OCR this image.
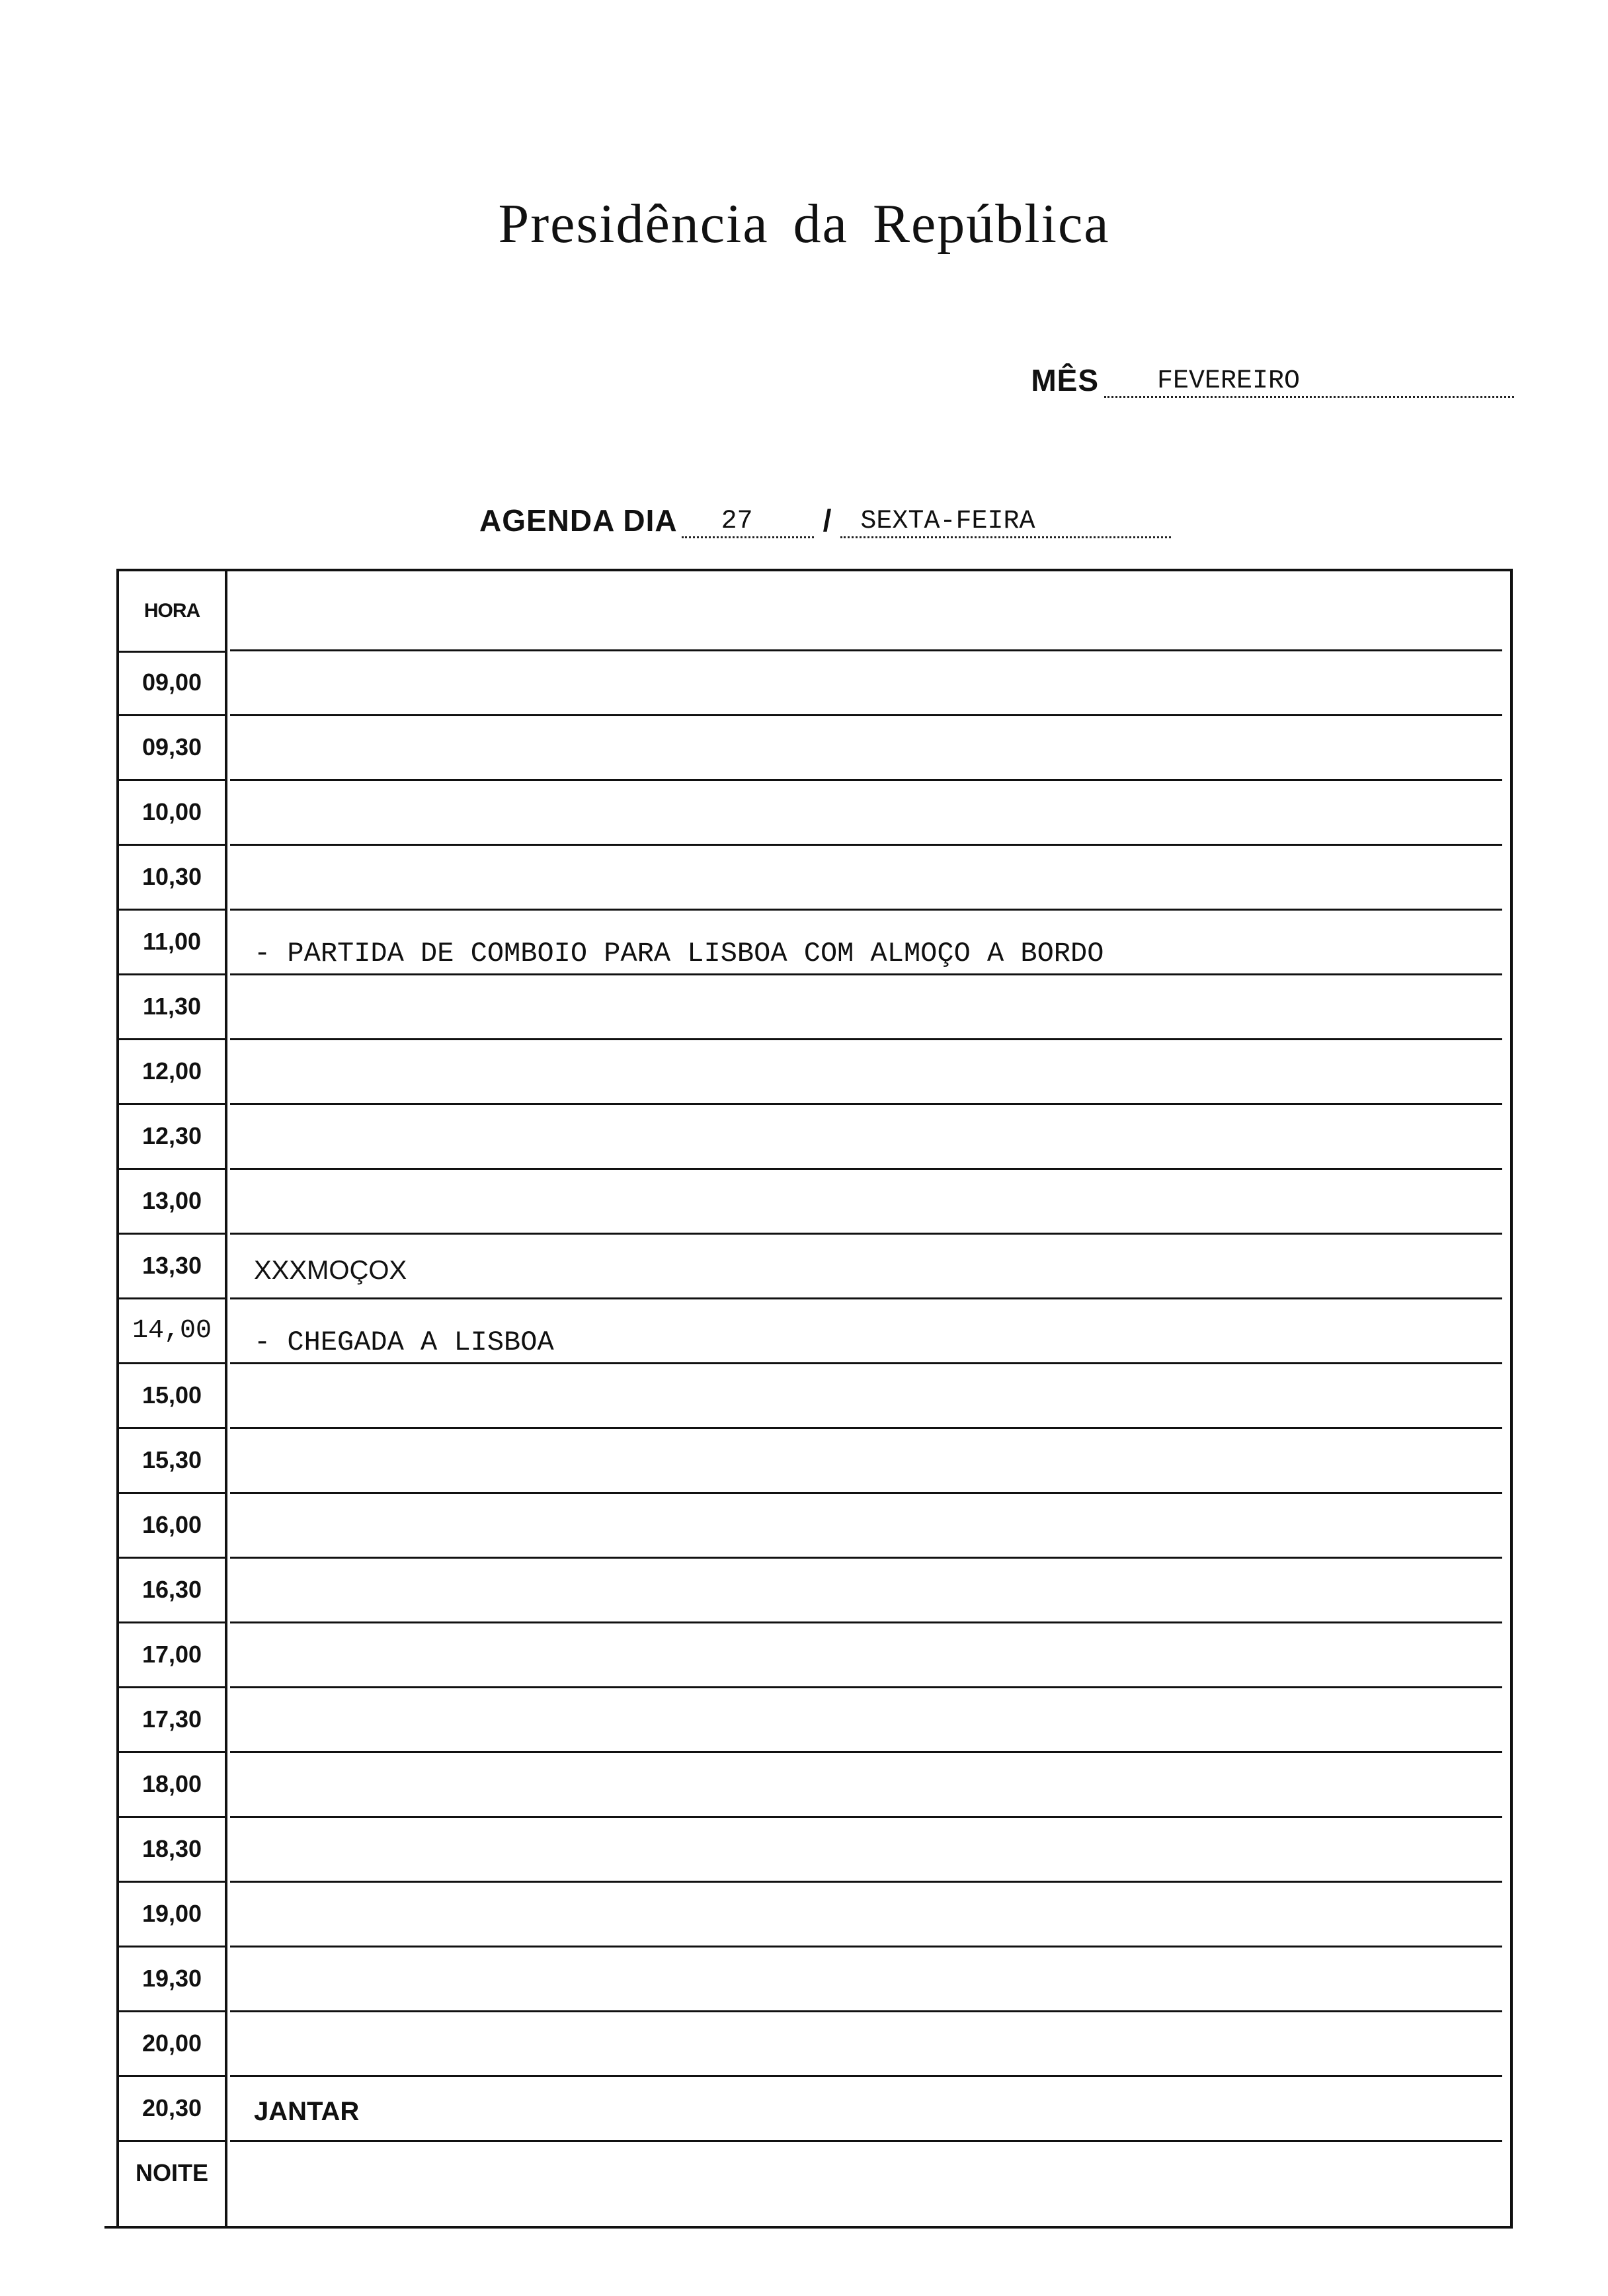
Presidência da República
MÊS	FEVEREIRO
AGENDA DIA	27	/	SEXTA-FEIRA
HORA
09,00
09,30
10,00
10,30
11,00	- PARTIDA DE COMBOIO PARA LISBOA COM ALMOÇO A BORDO
11,30
12,00
12,30
13,00
13,30	XXXMOÇOX
14,00	- CHEGADA A LISBOA
15,00
15,30
16,00
16,30
17,00
17,30
18,00
18,30
19,00
19,30
20,00
20,30	JANTAR
NOITE
